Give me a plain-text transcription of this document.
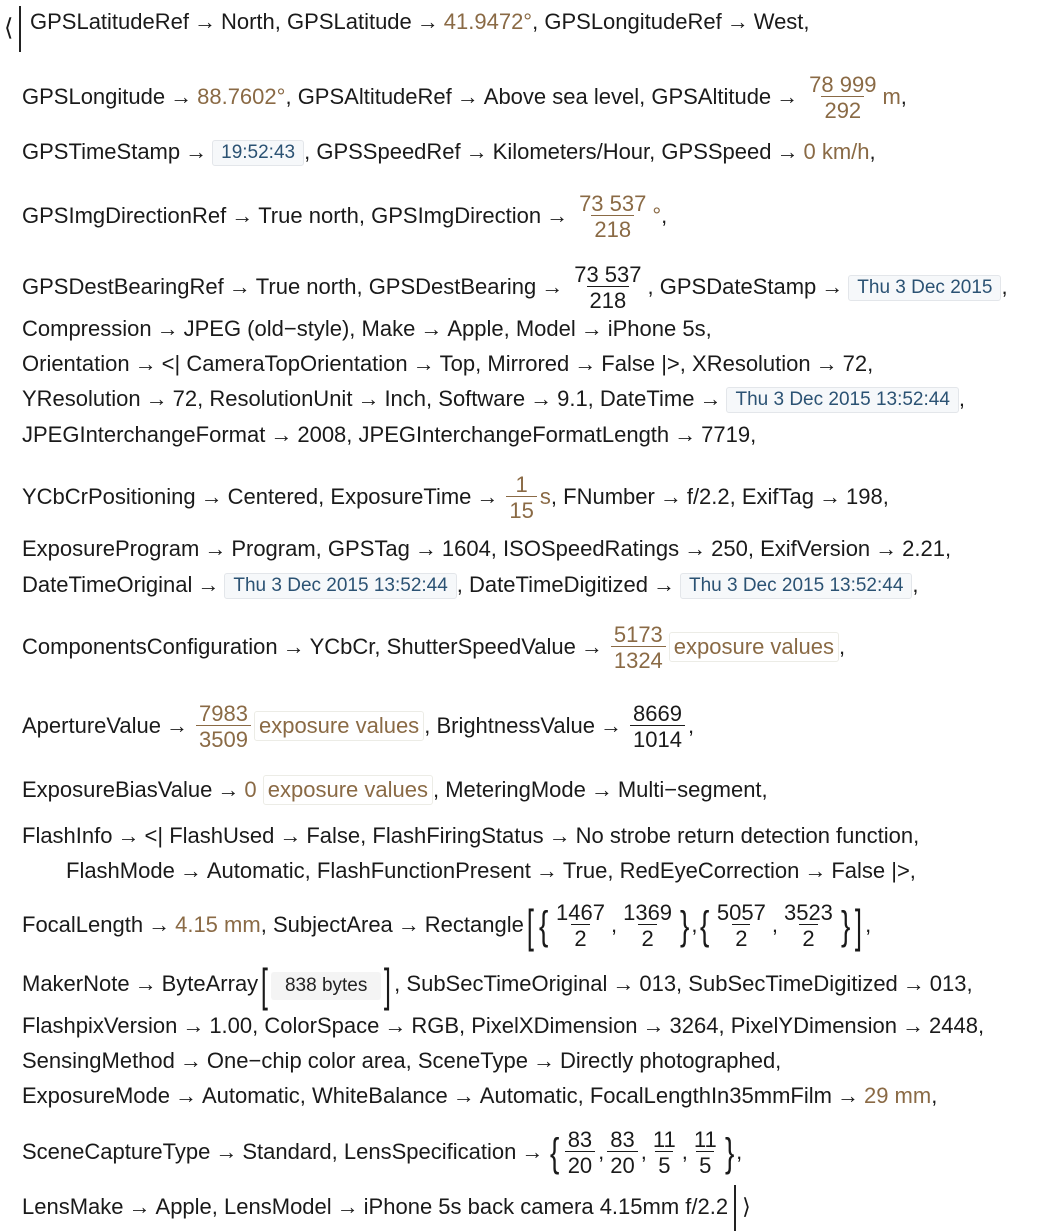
⟨ GPSLatitudeRef → North, GPSLatitude → 41.9472°, GPSLongitudeRef → West,
GPSLongitude → 88.7602°, GPSAltitudeRef → Above sea level, GPSAltitude → $\frac{78 999}{292} m$,
GPSTimeStamp → 19:52:43 , GPSSpeedRef → Kilometers/Hour, GPSSpeed → 0 km/h,
GPSImgDirectionRef → True north, GPSImgDirection → $\frac{73 537}{218}$ °,
GPSDestBearingRef → True north, GPSDestBearing → $\frac{73 537}{218}$ , GPSDateStamp → Thu 3 Dec 2015 ,
Compression → JPEG (old−style), Make → Apple, Model → iPhone 5s,
Orientation → <| CameraTopOrientation → Top, Mirrored → False |>, XResolution → 72,
YResolution → 72, ResolutionUnit → Inch, Software → 9.1, DateTime → Thu 3 Dec 2015 13:52:44 ,
JPEGInterchangeFormat → 2008, JPEGInterchangeFormatLength → 7719,
YCbCrPositioning → Centered, ExposureTime → $\frac{1}{15} s$, FNumber → f/2.2, ExifTag → 198,
ExposureProgram → Program, GPSTag → 1604, ISOSpeedRatings → 250, ExifVersion → 2.21,
DateTimeOriginal → Thu 3 Dec 2015 13:52:44 , DateTimeDigitized → Thu 3 Dec 2015 13:52:44 ,
ComponentsConfiguration → YCbCr, ShutterSpeedValue → $\frac{5173}{1324}$ exposure values ,
ApertureValue → $\frac{7983}{3509}$ exposure values , BrightnessValue → $\frac{8669}{1014}$ ,
ExposureBiasValue → 0 exposure values , MeteringMode → Multi−segment,
FlashInfo → <| FlashUsed → False, FlashFiringStatus → No strobe return detection function,
FlashMode → Automatic, FlashFunctionPresent → True, RedEyeCorrection → False |>,
FocalLength → 4.15 mm, SubjectArea → Rectangle[ { $\frac{1467}{2}$ , $\frac{1369}{2}$ },{ $\frac{5057}{2}$ , $\frac{3523}{2}$ } ] ,
MakerNote → ByteArray[ 838 bytes ] , SubSecTimeOriginal → 013, SubSecTimeDigitized → 013,
FlashpixVersion → 1.00, ColorSpace → RGB, PixelXDimension → 3264, PixelYDimension → 2448,
SensingMethod → One−chip color area, SceneType → Directly photographed,
ExposureMode → Automatic, WhiteBalance → Automatic, FocalLengthIn35mmFilm → 29 mm,
SceneCaptureType → Standard, LensSpecification → { $\frac{83}{20}$ , $\frac{83}{20}$ , $\frac{11}{5}$ , $\frac{11}{5}$ },
LensMake → Apple, LensModel → iPhone 5s back camera 4.15mm f/2.2 ⟩
